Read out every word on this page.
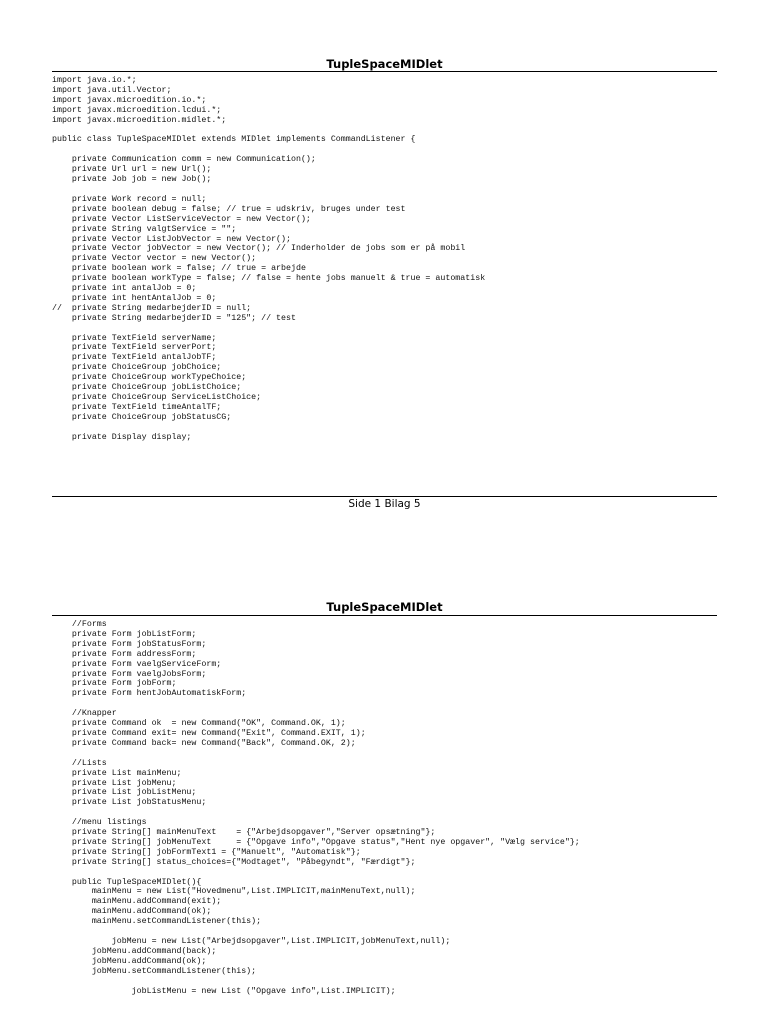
TupleSpaceMIDlet
import java.io.*;
import java.util.Vector;
import javax.microedition.io.*;
import javax.microedition.lcdui.*;
import javax.microedition.midlet.*;

public class TupleSpaceMIDlet extends MIDlet implements CommandListener {

private Communication comm = new Communication();
private Url url = new Url();
private Job job = new Job();

private Work record = null;
private boolean debug = false; // true = udskriv, bruges under test
private Vector ListServiceVector = new Vector();
private String valgtService = "";
private Vector ListJobVector = new Vector();
private Vector jobVector = new Vector(); // Inderholder de jobs som er på mobil
private Vector vector = new Vector();
private boolean work = false; // true = arbejde
private boolean workType = false; // false = hente jobs manuelt & true = automatisk
private int antalJob = 0;
private int hentAntalJob = 0;
//  private String medarbejderID = null;
private String medarbejderID = "125"; // test

private TextField serverName;
private TextField serverPort;
private TextField antalJobTF;
private ChoiceGroup jobChoice;
private ChoiceGroup workTypeChoice;
private ChoiceGroup jobListChoice;
private ChoiceGroup ServiceListChoice;
private TextField timeAntalTF;
private ChoiceGroup jobStatusCG;

private Display display;
Side 1 Bilag 5
TupleSpaceMIDlet
//Forms
private Form jobListForm;
private Form jobStatusForm;
private Form addressForm;
private Form vaelgServiceForm;
private Form vaelgJobsForm;
private Form jobForm;
private Form hentJobAutomatiskForm;

//Knapper
private Command ok  = new Command("OK", Command.OK, 1);
private Command exit= new Command("Exit", Command.EXIT, 1);
private Command back= new Command("Back", Command.OK, 2);

//Lists
private List mainMenu;
private List jobMenu;
private List jobListMenu;
private List jobStatusMenu;

//menu listings
private String[] mainMenuText    = {"Arbejdsopgaver","Server opsætning"};
private String[] jobMenuText     = {"Opgave info","Opgave status","Hent nye opgaver", "Vælg service"};
private String[] jobFormText1 = {"Manuelt", "Automatisk"};
private String[] status_choices={"Modtaget", "Påbegyndt", "Færdigt"};

public TupleSpaceMIDlet(){
mainMenu = new List("Hovedmenu",List.IMPLICIT,mainMenuText,null);
mainMenu.addCommand(exit);
mainMenu.addCommand(ok);
mainMenu.setCommandListener(this);

jobMenu = new List("Arbejdsopgaver",List.IMPLICIT,jobMenuText,null);
jobMenu.addCommand(back);
jobMenu.addCommand(ok);
jobMenu.setCommandListener(this);

jobListMenu = new List ("Opgave info",List.IMPLICIT);
